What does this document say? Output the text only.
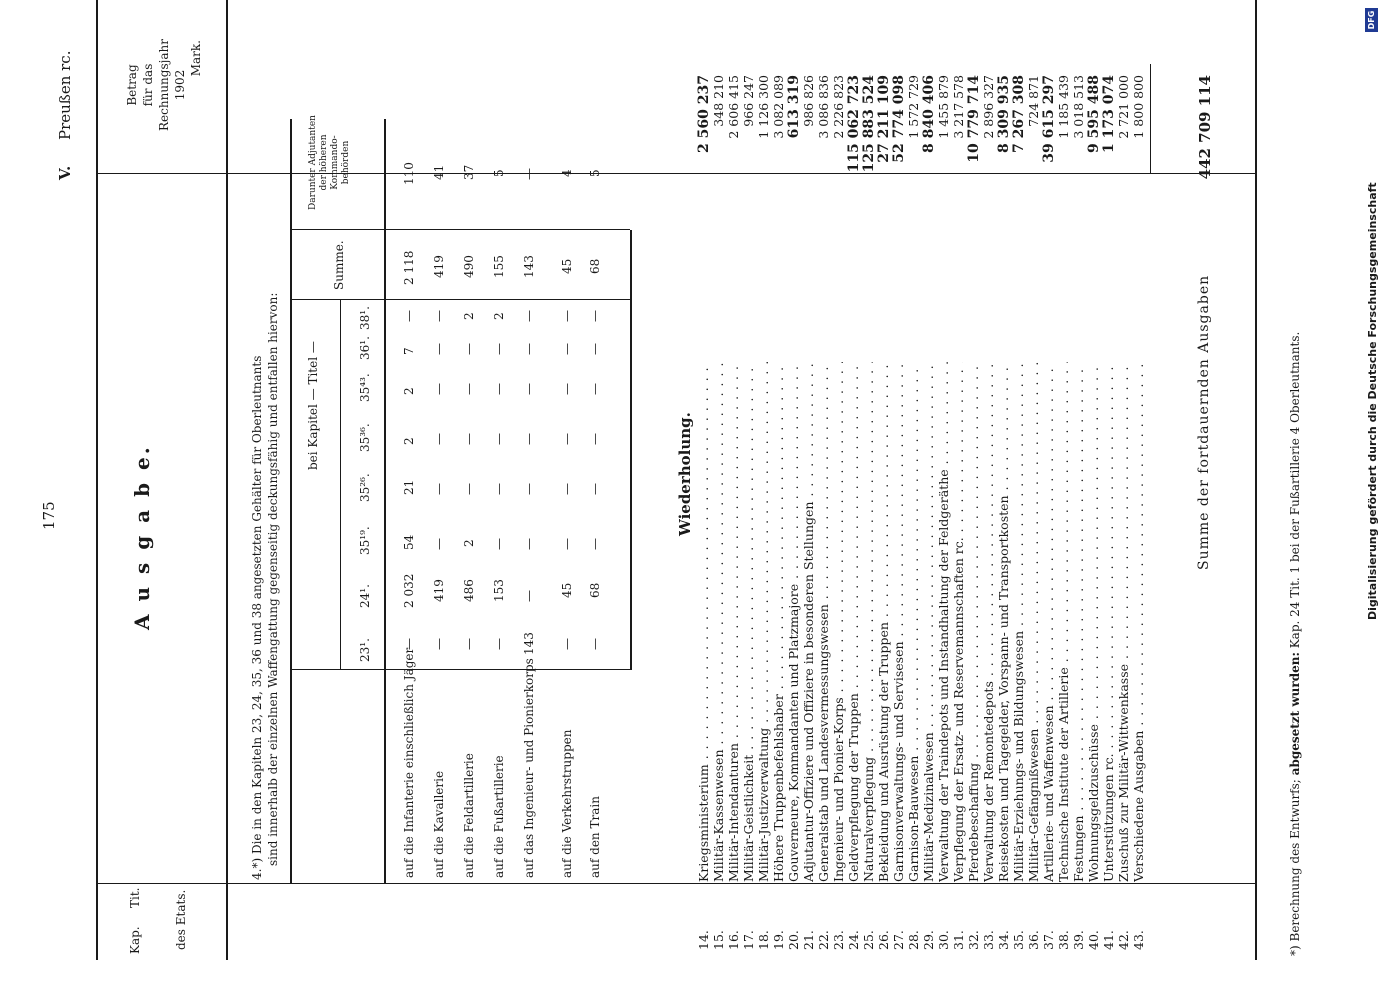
175
V.
Preußen rc.
A u s g a b e.
Kap.
Tit.	des Etats.
Betrag für das Rechnungsjahr 1902
Mark.
4.*) Die in den Kapiteln 23, 24, 35, 36 und 38 angesetzten Gehälter für Oberleutnants sind innerhalb der einzelnen Waffengattung gegenseitig deckungsfähig und entfallen hiervon: bei Kapitel — Titel —
Summe.
Darunter Adjutanten der höheren Kommando-behörden
23¹.
24¹.
35¹⁹.
35²⁶.
35³⁶.
35⁴³.
36¹.
38¹.
auf die Infanterie einschließlich Jäger
—
2 032
54
21
2
2
7
—
2 118
110
auf die Kavallerie
—
419
—
—
—
—
—
—
419
41
auf die Feldartillerie
—
486
2
—
—
—
—
2
490
37
auf die Fußartillerie
—
153
—
—
—
—
—
2
155
5
auf das Ingenieur- und Pionierkorps
143
—
—
—
—
—
—
—
143
—
auf die Verkehrstruppen
—
45
—
—
—
—
—
—
45
4
auf den Train
—
68
—
—
—
—
—
—
68
5
Wiederholung.
14.
Kriegsministerium . . .
2 560 237
15.
Militär-Kassenwesen . . .
348 210
16.
Militär-Intendanturen . . .
2 606 415
17.
Militär-Geistlichkeit . . .
966 247
18.
Militär-Justizverwaltung . . .
1 126 300
19.
Höhere Truppenbefehlshaber . . .
3 082 089
20.
Gouverneure, Kommandanten und Platzmajore . . .
613 319
21.
Adjutantur-Offiziere und Offiziere in besonderen Stellungen . . .
986 826
22.
Generalstab und Landesvermessungswesen . . .
3 086 836
23.
Ingenieur- und Pionier-Korps . . .
2 226 823
24.
Geldverpflegung der Truppen . . .
115 062 723
25.
Naturalverpflegung . . .
125 883 524
26.
Bekleidung und Ausrüstung der Truppen . . .
27 211 109
27.
Garnisonverwaltungs- und Servisesen . . .
52 774 098
28.
Garnison-Bauwesen . . .
1 572 729
29.
Militär-Medizinalwesen . . .
8 840 406
30.
Verwaltung der Traindepots und Instandhaltung der Feldgeräthe . . .
1 455 879
31.
Verpflegung der Ersatz- und Reservemannschaften rc. . . .
3 217 578
32.
Pferdebeschaffung . . .
10 779 714
33.
Verwaltung der Remontedepots . . .
2 896 327
34.
Reisekosten und Tagegelder, Vorspann- und Transportkosten . . .
8 309 935
35.
Militär-Erziehungs- und Bildungswesen . . .
7 267 308
36.
Militär-Gefängnißwesen . . .
724 871
37.
Artillerie- und Waffenwesen . . .
39 615 297
38.
Technische Institute der Artillerie . . .
1 185 439
39.
Festungen . . .
3 018 513
40.
Wohnungsgeldzuschüsse . . .
9 595 488
41.
Unterstützungen rc. . . .
1 173 074
42.
Zuschuß zur Militär-Wittwenkasse . . .
2 721 000
43.
Verschiedene Ausgaben . . .
1 800 800
Summe der fortdauernden Ausgaben
442 709 114
*) Berechnung des Entwurfs; abgesetzt wurden: Kap. 24 Tit. 1 bei der Fußartillerie 4 Oberleutnants.	Digitalisierung gefördert durch die Deutsche Forschungsgemeinschaft
DFG
